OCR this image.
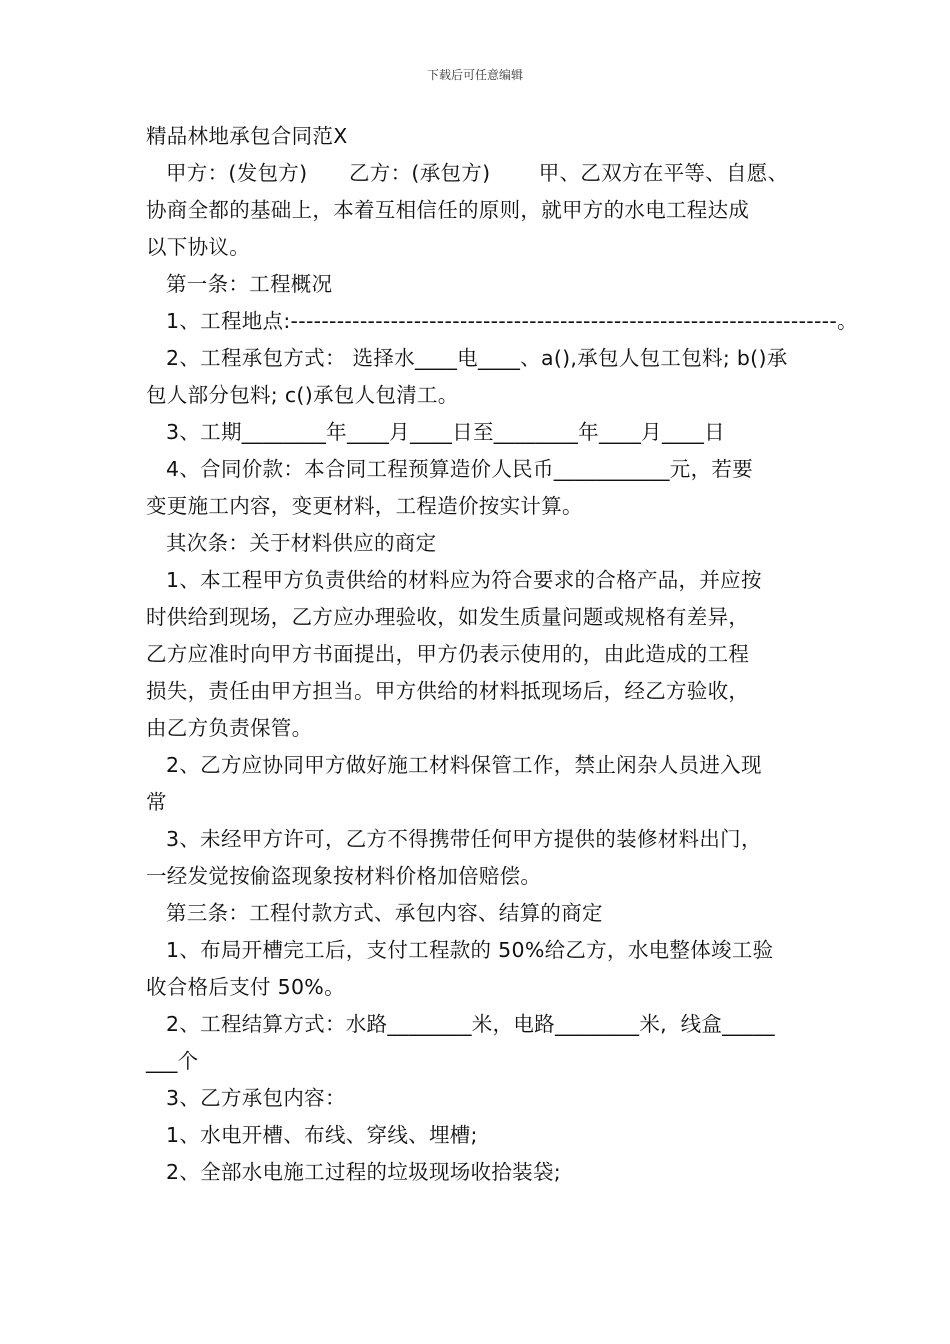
下载后可任意编辑
精品林地承包合同范X
甲方：(发包方)　　乙方：(承包方)　　 甲、乙双方在平等、自愿、
协商全都的基础上，本着互相信任的原则，就甲方的水电工程达成
以下协议。
第一条：工程概况
1、工程地点:-----------------------------------------------------------------------。
2、工程承包方式： 选择水____电____、a(),承包人包工包料; b()承
包人部分包料; c()承包人包清工。
3、工期________年____月____日至________年____月____日
4、合同价款：本合同工程预算造价人民币___________元，若要
变更施工内容，变更材料，工程造价按实计算。
其次条：关于材料供应的商定
1、本工程甲方负责供给的材料应为符合要求的合格产品，并应按
时供给到现场，乙方应办理验收，如发生质量问题或规格有差异，
乙方应准时向甲方书面提出，甲方仍表示使用的，由此造成的工程
损失，责任由甲方担当。甲方供给的材料抵现场后，经乙方验收，
由乙方负责保管。
2、乙方应协同甲方做好施工材料保管工作，禁止闲杂人员进入现
常
3、未经甲方许可，乙方不得携带任何甲方提供的装修材料出门，
一经发觉按偷盗现象按材料价格加倍赔偿。
第三条：工程付款方式、承包内容、结算的商定
1、布局开槽完工后，支付工程款的 50%给乙方，水电整体竣工验
收合格后支付 50%。
2、工程结算方式：水路________米，电路________米,  线盒_____
___个
3、乙方承包内容：
1、水电开槽、布线、穿线、埋槽;
2、全部水电施工过程的垃圾现场收拾装袋;
